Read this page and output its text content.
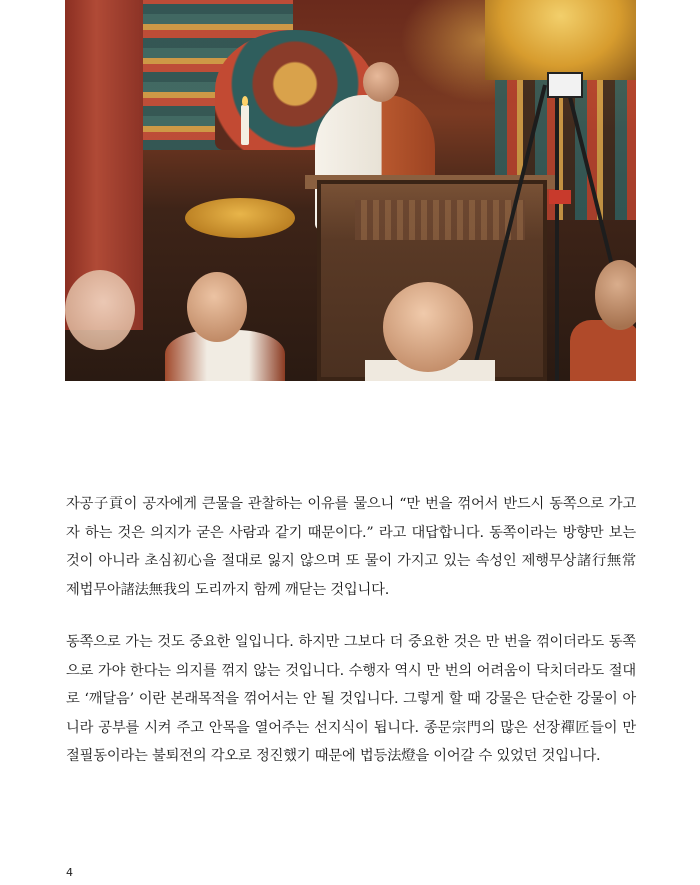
자공子貢이 공자에게 큰물을 관찰하는 이유를 물으니 “만 번을 꺾어서 반드시 동쪽으로 가고자 하는 것은 의지가 굳은 사람과 같기 때문이다.” 라고 대답합니다. 동쪽이라는 방향만 보는 것이 아니라 초심初心을 절대로 잃지 않으며 또 물이 가지고 있는 속성인 제행무상諸行無常 제법무아諸法無我의 도리까지 함께 깨닫는 것입니다.

동쪽으로 가는 것도 중요한 일입니다. 하지만 그보다 더 중요한 것은 만 번을 꺾이더라도 동쪽으로 가야 한다는 의지를 꺾지 않는 것입니다. 수행자 역시 만 번의 어려움이 닥치더라도 절대로 ‘깨달음’ 이란 본래목적을 꺾어서는 안 될 것입니다. 그렇게 할 때 강물은 단순한 강물이 아니라 공부를 시켜 주고 안목을 열어주는 선지식이 됩니다. 종문宗門의 많은 선장禪匠들이 만절필동이라는 불퇴전의 각오로 정진했기 때문에 법등法燈을 이어갈 수 있었던 것입니다.

4
